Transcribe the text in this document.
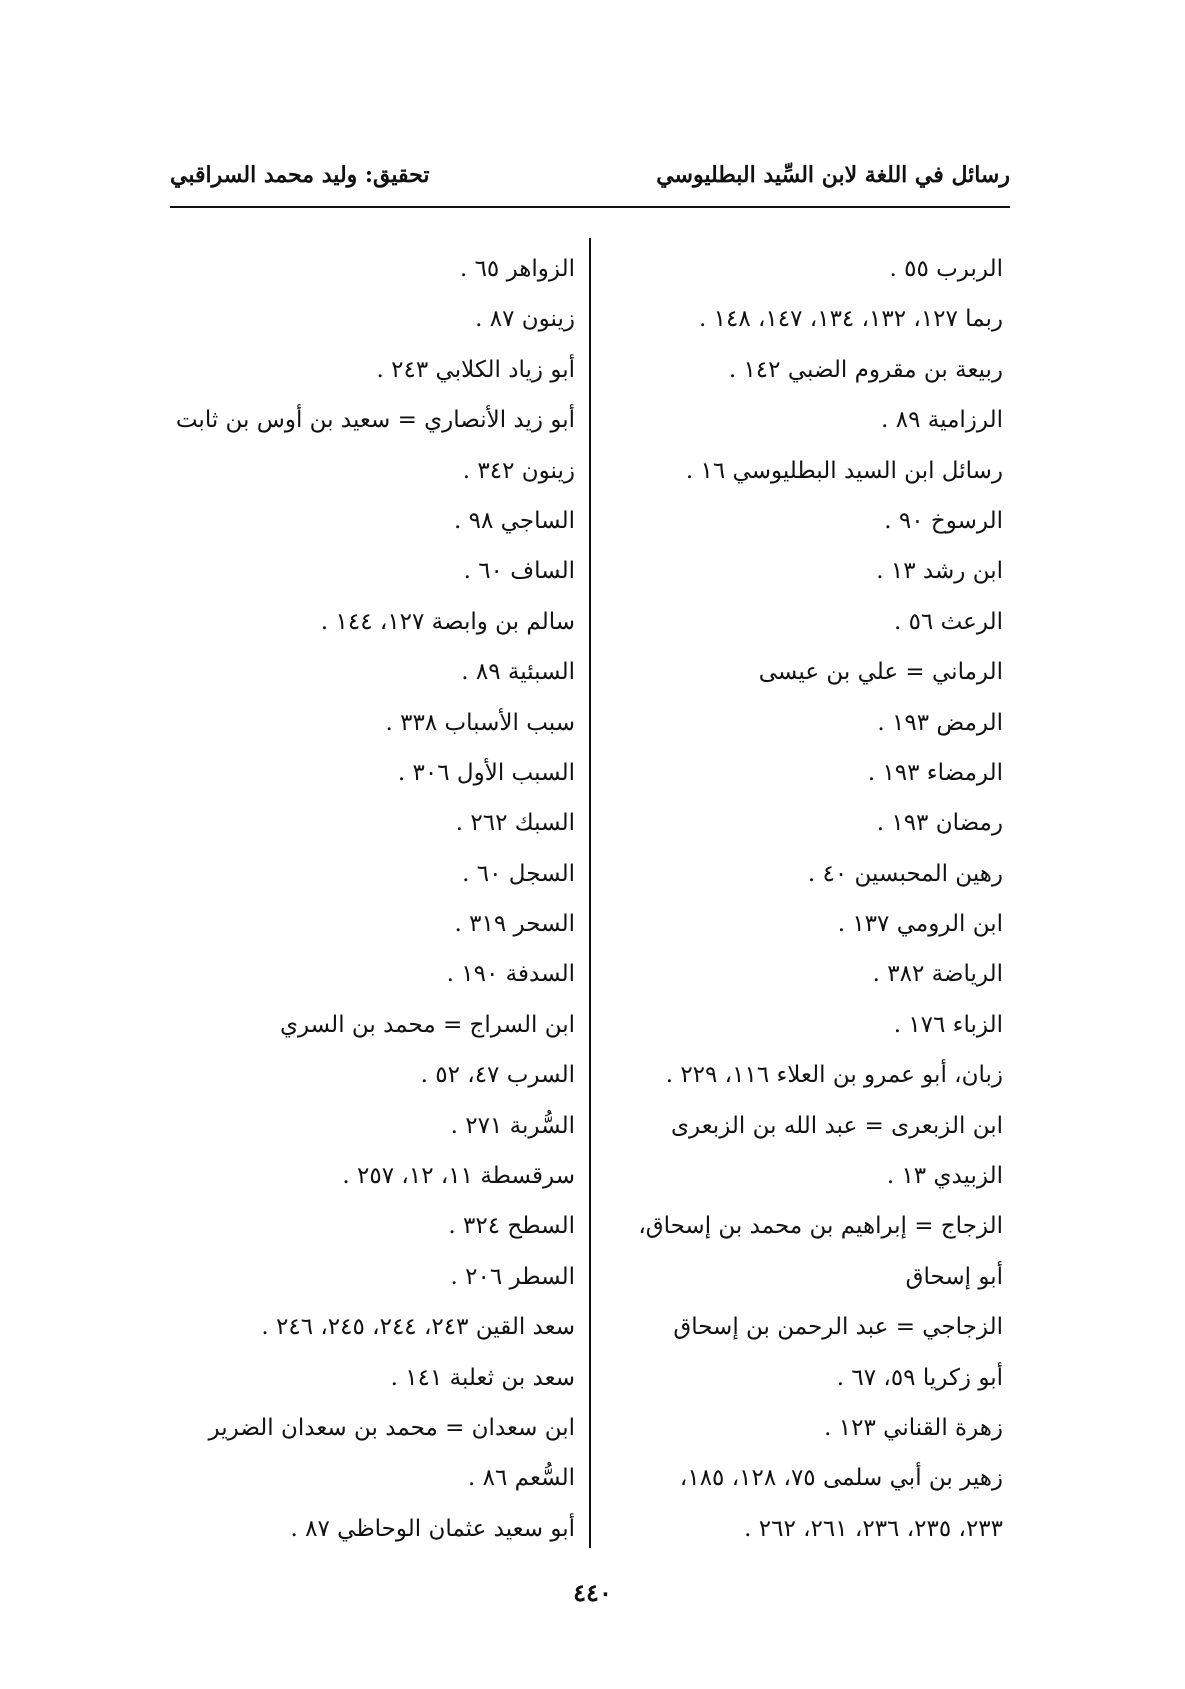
رسائل في اللغة لابن السِّيد البطليوسي
تحقيق: وليد محمد السراقبي
الربرب ٥٥ .
ربما ١٢٧، ١٣٢، ١٣٤، ١٤٧، ١٤٨ .
ربيعة بن مقروم الضبي ١٤٢ .
الرزامية ٨٩ .
رسائل ابن السيد البطليوسي ١٦ .
الرسوخ ٩٠ .
ابن رشد ١٣ .
الرعث ٥٦ .
الرماني = علي بن عيسى
الرمض ١٩٣ .
الرمضاء ١٩٣ .
رمضان ١٩٣ .
رهين المحبسين ٤٠ .
ابن الرومي ١٣٧ .
الرياضة ٣٨٢ .
الزباء ١٧٦ .
زبان، أبو عمرو بن العلاء ١١٦، ٢٢٩ .
ابن الزبعرى = عبد الله بن الزبعرى
الزبيدي ١٣ .
الزجاج = إبراهيم بن محمد بن إسحاق،
أبو إسحاق
الزجاجي = عبد الرحمن بن إسحاق
أبو زكريا ٥٩، ٦٧ .
زهرة القناني ١٢٣ .
زهير بن أبي سلمى ٧٥، ١٢٨، ١٨٥،
٢٣٣، ٢٣٥، ٢٣٦، ٢٦١، ٢٦٢ .
الزواهر ٦٥ .
زينون ٨٧ .
أبو زياد الكلابي ٢٤٣ .
أبو زيد الأنصاري = سعيد بن أوس بن ثابت
زينون ٣٤٢ .
الساجي ٩٨ .
الساف ٦٠ .
سالم بن وابصة ١٢٧، ١٤٤ .
السبئية ٨٩ .
سبب الأسباب ٣٣٨ .
السبب الأول ٣٠٦ .
السبك ٢٦٢ .
السجل ٦٠ .
السحر ٣١٩ .
السدفة ١٩٠ .
ابن السراج = محمد بن السري
السرب ٤٧، ٥٢ .
السُّربة ٢٧١ .
سرقسطة ١١، ١٢، ٢٥٧ .
السطح ٣٢٤ .
السطر ٢٠٦ .
سعد القين ٢٤٣، ٢٤٤، ٢٤٥، ٢٤٦ .
سعد بن ثعلبة ١٤١ .
ابن سعدان = محمد بن سعدان الضرير
السُّعم ٨٦ .
أبو سعيد عثمان الوحاظي ٨٧ .
٤٤٠
